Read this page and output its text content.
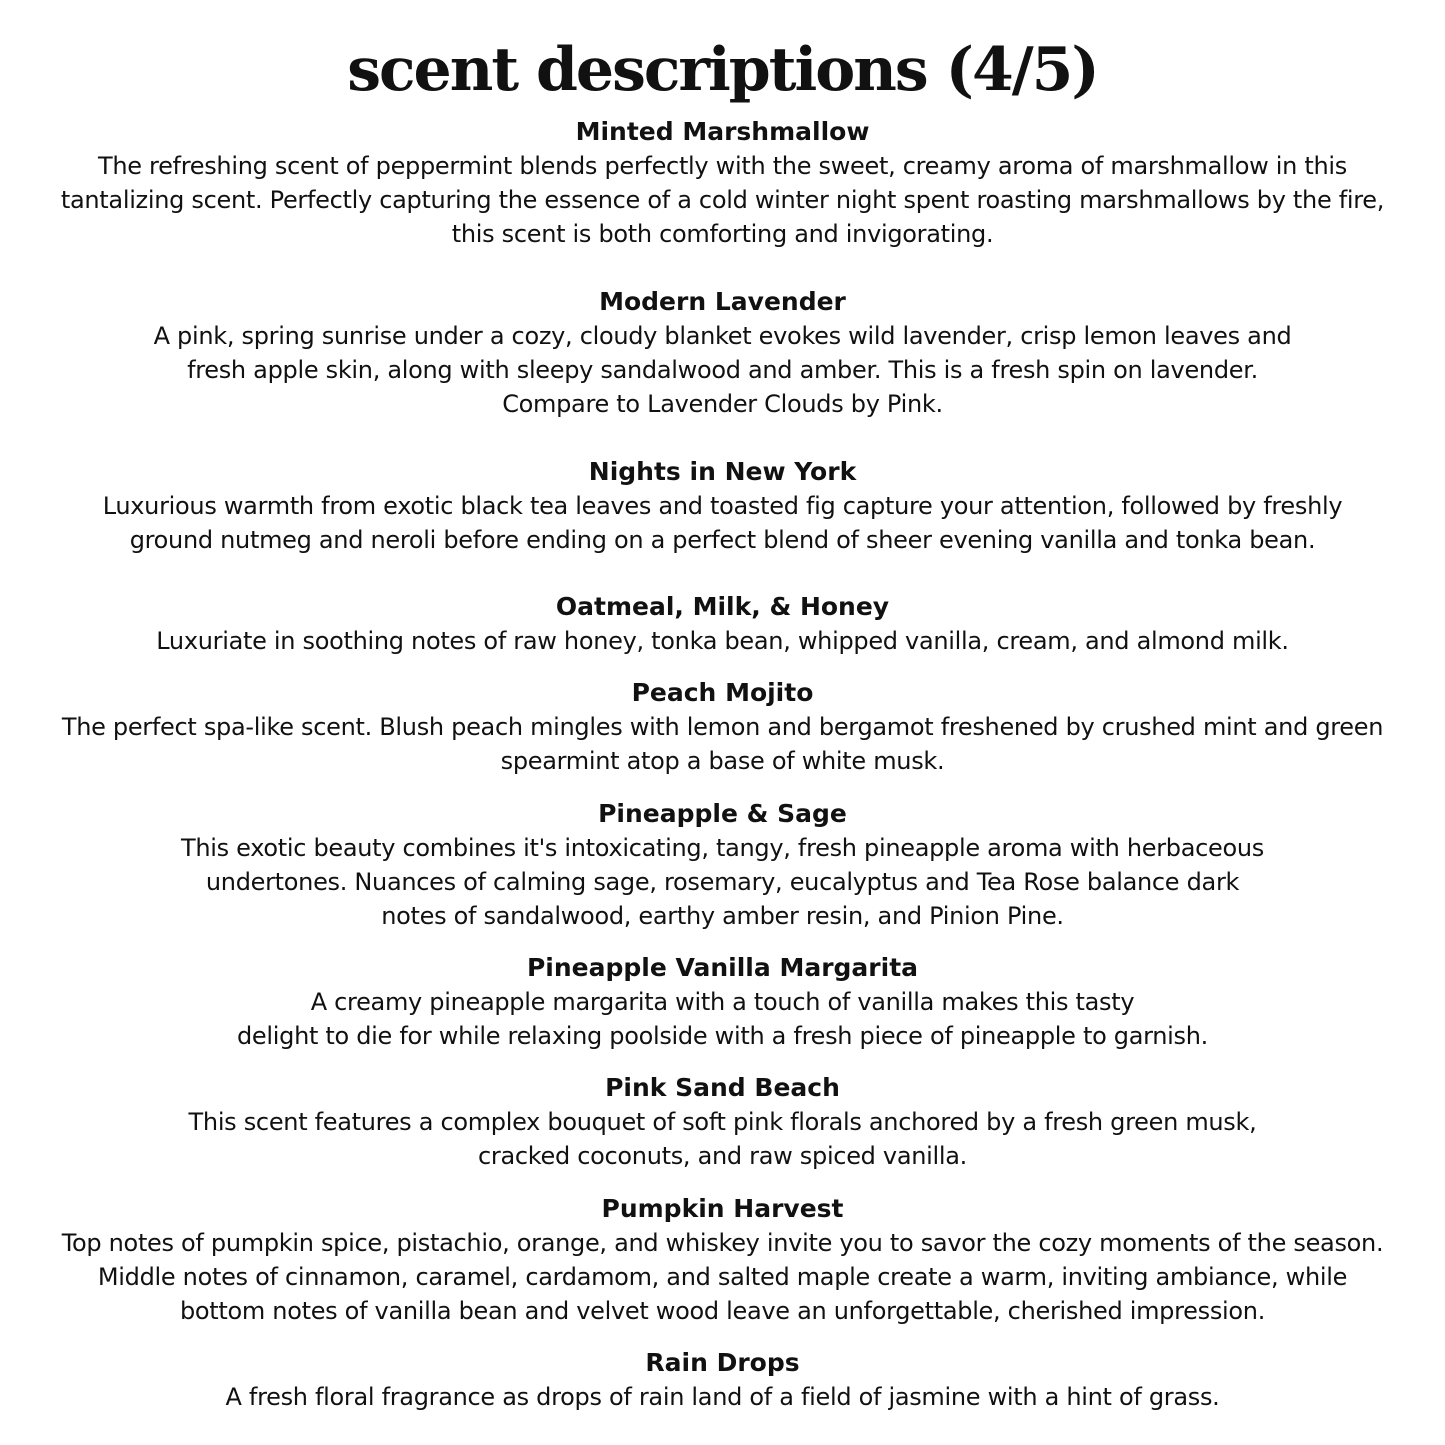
scent descriptions (4/5)
Minted Marshmallow
The refreshing scent of peppermint blends perfectly with the sweet, creamy aroma of marshmallow in this
tantalizing scent. Perfectly capturing the essence of a cold winter night spent roasting marshmallows by the fire,
this scent is both comforting and invigorating.
Modern Lavender
A pink, spring sunrise under a cozy, cloudy blanket evokes wild lavender, crisp lemon leaves and
fresh apple skin, along with sleepy sandalwood and amber. This is a fresh spin on lavender.
Compare to Lavender Clouds by Pink.
Nights in New York
Luxurious warmth from exotic black tea leaves and toasted fig capture your attention, followed by freshly
ground nutmeg and neroli before ending on a perfect blend of sheer evening vanilla and tonka bean.
Oatmeal, Milk, & Honey
Luxuriate in soothing notes of raw honey, tonka bean, whipped vanilla, cream, and almond milk.
Peach Mojito
The perfect spa-like scent. Blush peach mingles with lemon and bergamot freshened by crushed mint and green
spearmint atop a base of white musk.
Pineapple & Sage
This exotic beauty combines it's intoxicating, tangy, fresh pineapple aroma with herbaceous
undertones. Nuances of calming sage, rosemary, eucalyptus and Tea Rose balance dark
notes of sandalwood, earthy amber resin, and Pinion Pine.
Pineapple Vanilla Margarita
A creamy pineapple margarita with a touch of vanilla makes this tasty
delight to die for while relaxing poolside with a fresh piece of pineapple to garnish.
Pink Sand Beach
This scent features a complex bouquet of soft pink florals anchored by a fresh green musk,
cracked coconuts, and raw spiced vanilla.
Pumpkin Harvest
Top notes of pumpkin spice, pistachio, orange, and whiskey invite you to savor the cozy moments of the season.
Middle notes of cinnamon, caramel, cardamom, and salted maple create a warm, inviting ambiance, while
bottom notes of vanilla bean and velvet wood leave an unforgettable, cherished impression.
Rain Drops
A fresh floral fragrance as drops of rain land of a field of jasmine with a hint of grass.
